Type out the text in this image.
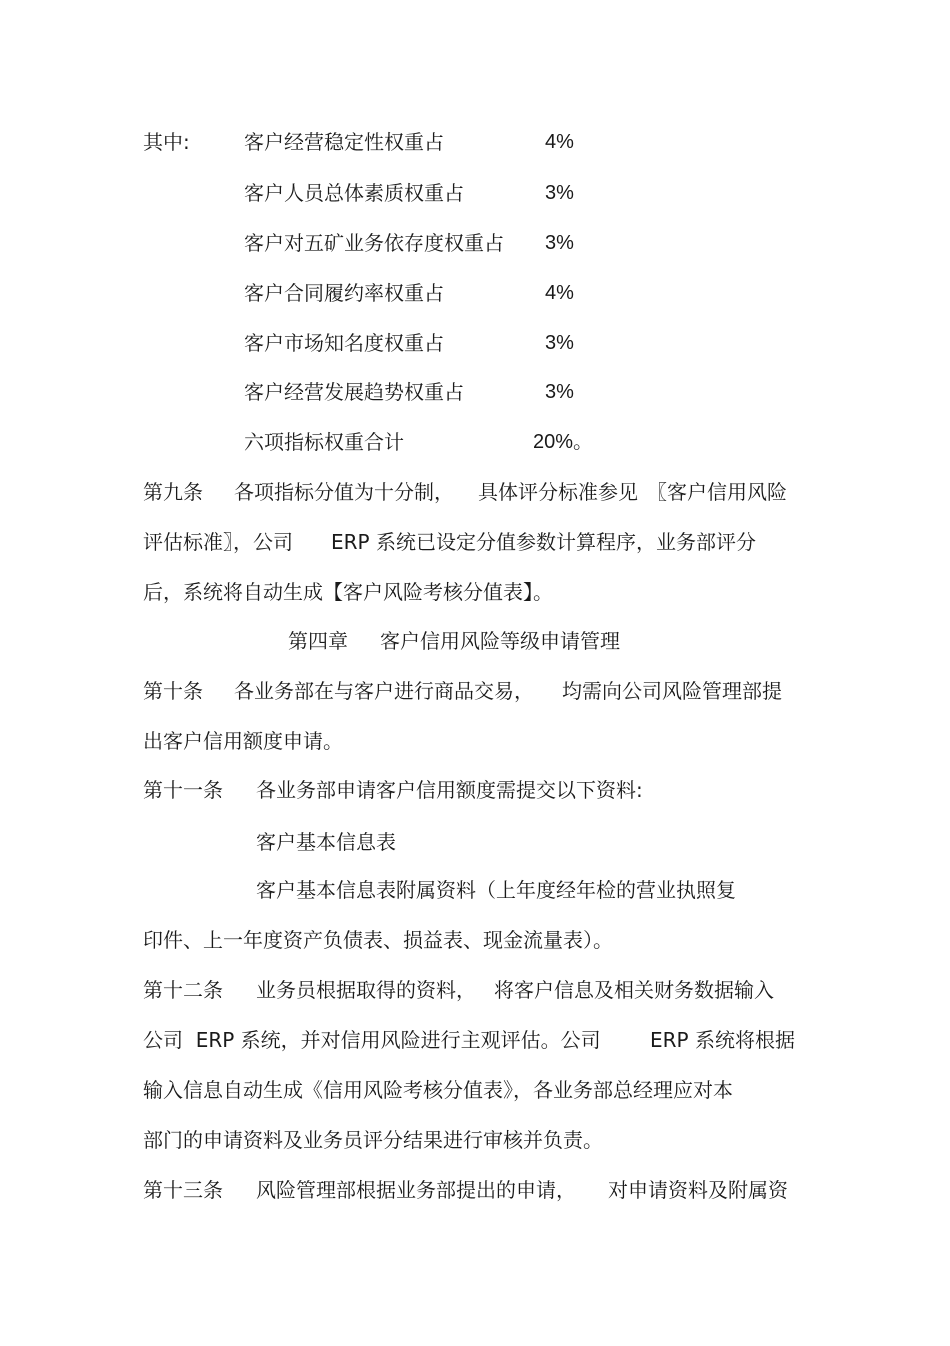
其中:	客户经营稳定性权重占	4%
客户人员总体素质权重占	3%
客户对五矿业务依存度权重占 3%
客户合同履约率权重占	4%
客户市场知名度权重占	3%
客户经营发展趋势权重占	3%
六项指标权重合计	20%。
第九条 各项指标分值为十分制， 具体评分标准参见 〖客户信用风险
评估标准〗，公司 ERP 系统已设定分值参数计算程序，业务部评分
后，系统将自动生成【客户风险考核分值表】。
第四章 客户信用风险等级申请管理
第十条 各业务部在与客户进行商品交易， 均需向公司风险管理部提
出客户信用额度申请。
第十一条 各业务部申请客户信用额度需提交以下资料:
客户基本信息表
客户基本信息表附属资料（上年度经年检的营业执照复
印件、上一年度资产负债表、损益表、现金流量表）。
第十二条 业务员根据取得的资料， 将客户信息及相关财务数据输入
公司  ERP 系统，并对信用风险进行主观评估。公司 ERP 系统将根据
输入信息自动生成《信用风险考核分值表》，各业务部总经理应对本
部门的申请资料及业务员评分结果进行审核并负责。
第十三条 风险管理部根据业务部提出的申请， 对申请资料及附属资
